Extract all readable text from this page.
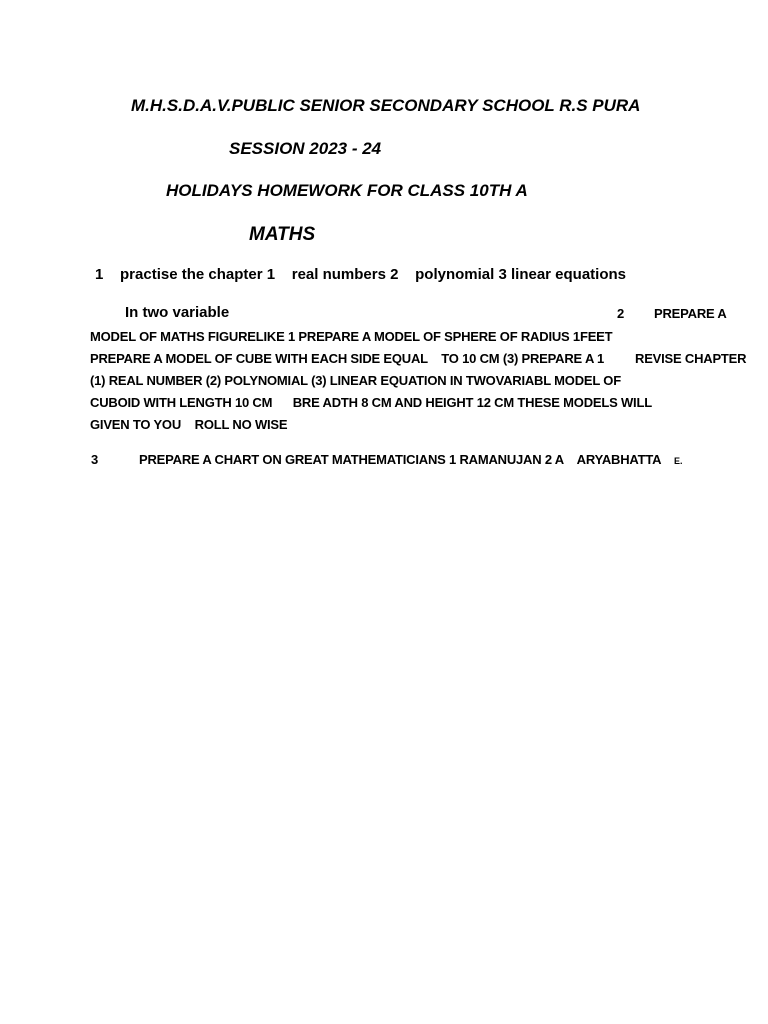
M.H.S.D.A.V.PUBLIC SENIOR SECONDARY SCHOOL R.S PURA
SESSION 2023 - 24
HOLIDAYS HOMEWORK FOR CLASS 10TH A
MATHS
1    practise the chapter 1    real numbers 2    polynomial 3 linear equations
In two variable	2 PREPARE A
MODEL OF MATHS FIGURELIKE 1 PREPARE A MODEL OF SPHERE OF RADIUS 1FEET
PREPARE A MODEL OF CUBE WITH EACH SIDE EQUAL    TO 10 CM (3) PREPARE A 1 REVISE CHAPTER
(1) REAL NUMBER (2) POLYNOMIAL (3) LINEAR EQUATION IN TWOVARIABL MODEL OF
CUBOID WITH LENGTH 10 CM      BRE ADTH 8 CM AND HEIGHT 12 CM THESE MODELS WILL
GIVEN TO YOU    ROLL NO WISE
3	PREPARE A CHART ON GREAT MATHEMATICIANS 1 RAMANUJAN 2 A    ARYABHATTA E.
